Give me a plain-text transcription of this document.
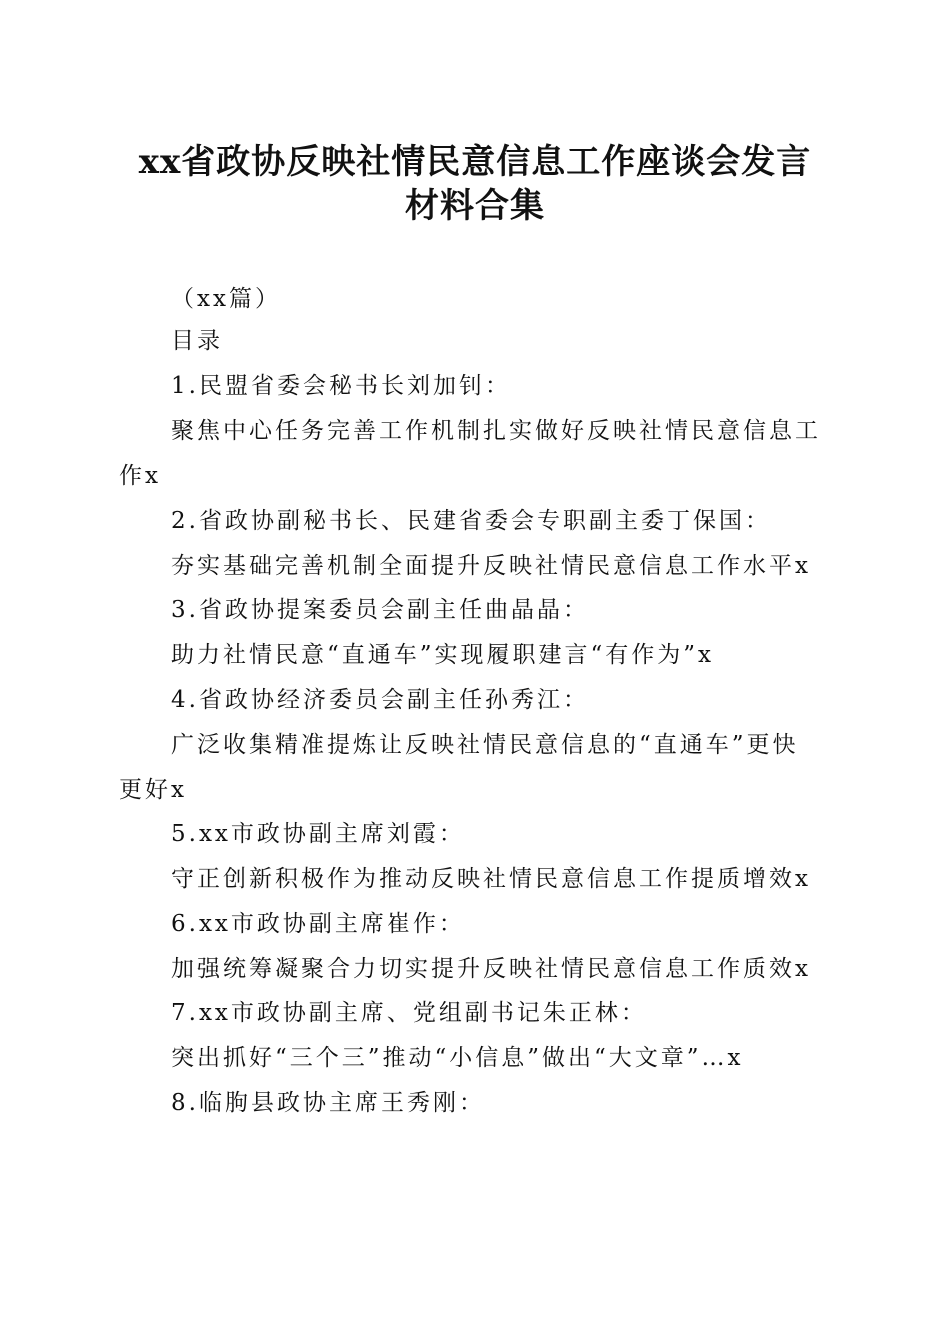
xx省政协反映社情民意信息工作座谈会发言
材料合集
（xx篇）
目录
1.民盟省委会秘书长刘加钊：
聚焦中心任务完善工作机制扎实做好反映社情民意信息工
作x
2.省政协副秘书长、民建省委会专职副主委丁保国：
夯实基础完善机制全面提升反映社情民意信息工作水平x
3.省政协提案委员会副主任曲晶晶：
助力社情民意“直通车”实现履职建言“有作为”x
4.省政协经济委员会副主任孙秀江：
广泛收集精准提炼让反映社情民意信息的“直通车”更快
更好x
5.xx市政协副主席刘霞：
守正创新积极作为推动反映社情民意信息工作提质增效x
6.xx市政协副主席崔作：
加强统筹凝聚合力切实提升反映社情民意信息工作质效x
7.xx市政协副主席、党组副书记朱正林：
突出抓好“三个三”推动“小信息”做出“大文章”…x
8.临朐县政协主席王秀刚：
